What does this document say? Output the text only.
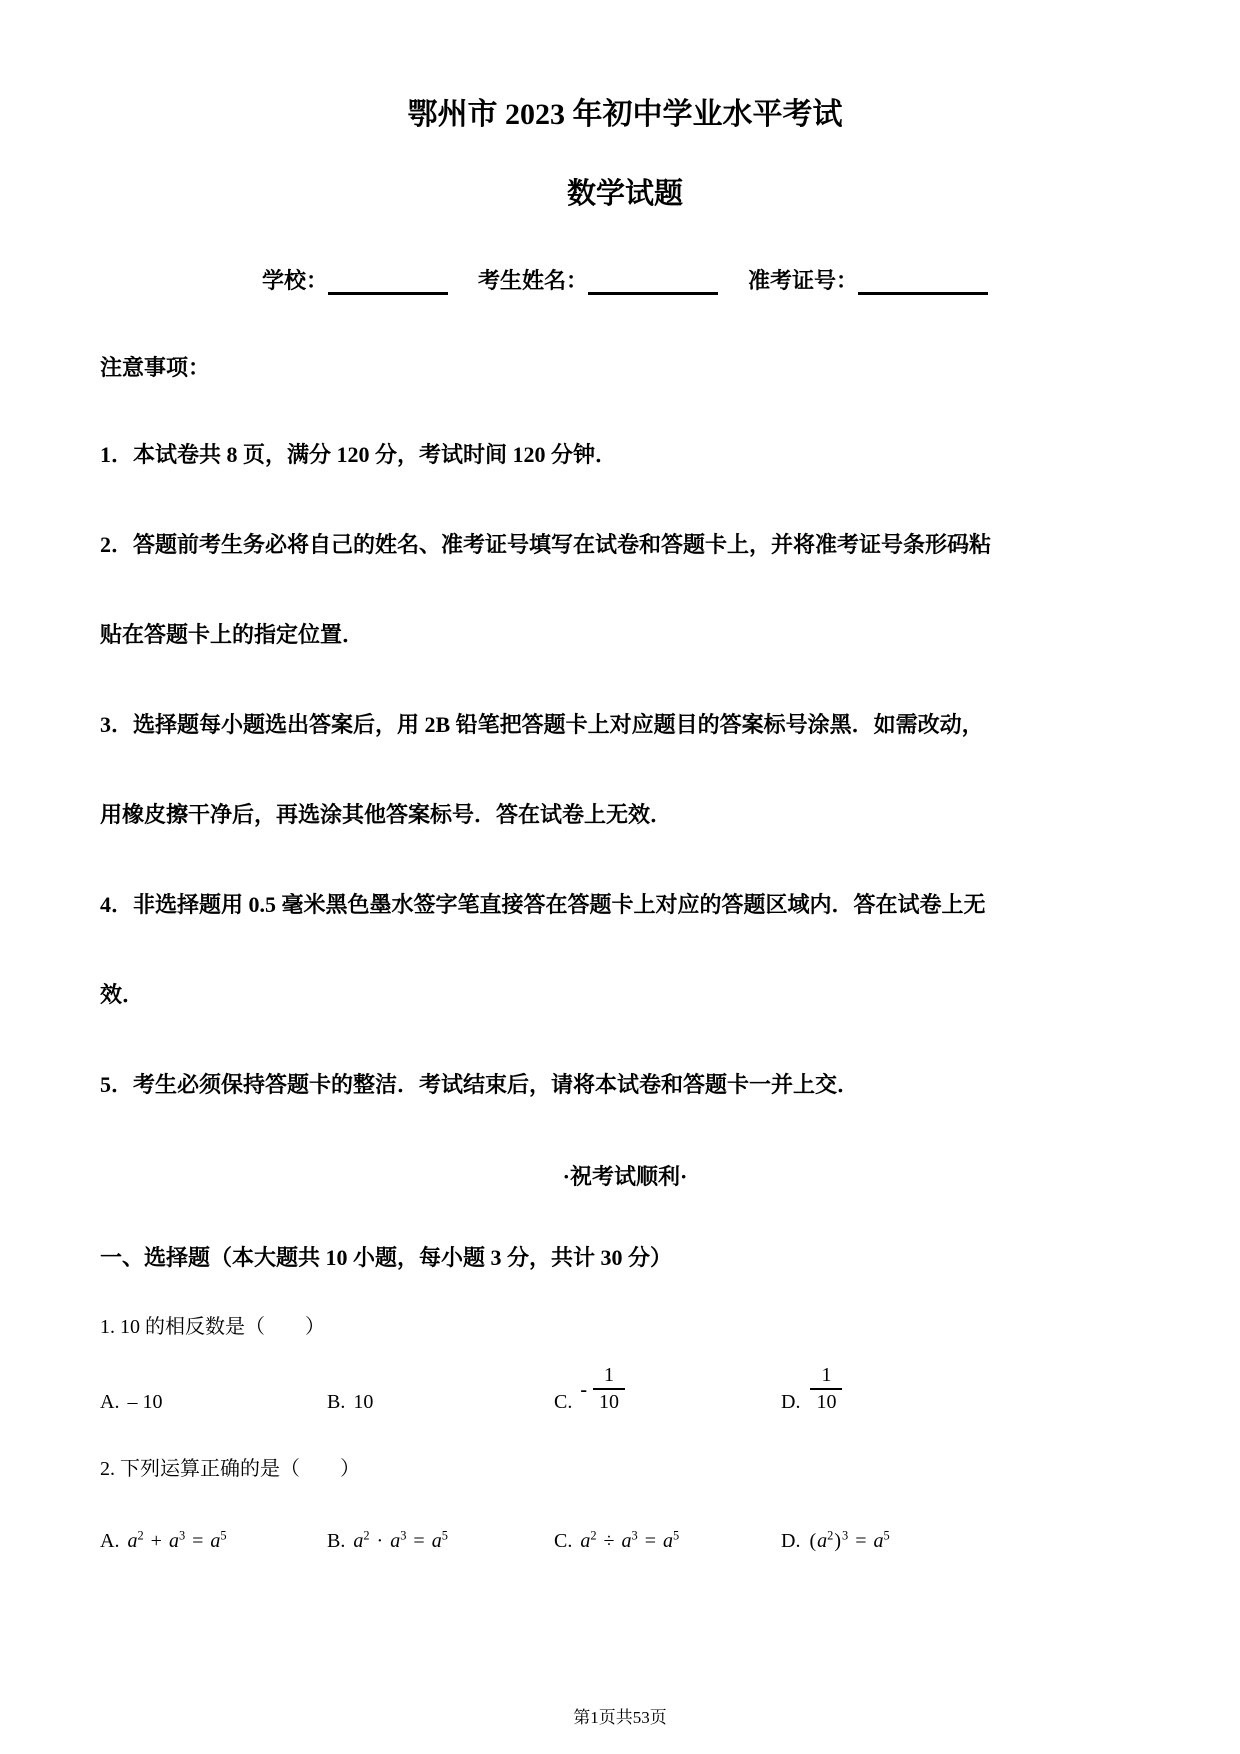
鄂州市 2023 年初中学业水平考试
数学试题
学校：	考生姓名：	准考证号：
注意事项：

1．本试卷共 8 页，满分 120 分，考试时间 120 分钟．

2．答题前考生务必将自己的姓名、准考证号填写在试卷和答题卡上，并将准考证号条形码粘

贴在答题卡上的指定位置．

3．选择题每小题选出答案后，用 2B 铅笔把答题卡上对应题目的答案标号涂黑．如需改动，

用橡皮擦干净后，再选涂其他答案标号．答在试卷上无效．

4．非选择题用 0.5 毫米黑色墨水签字笔直接答在答题卡上对应的答题区域内．答在试卷上无

效．

5．考生必须保持答题卡的整洁．考试结束后，请将本试卷和答题卡一并上交．

·祝考试顺利·
一、选择题（本大题共 10 小题，每小题 3 分，共计 30 分）

1. 10 的相反数是（　　）

A. – 10	B. 10	$C.- \frac{1}{10}$	D. $\frac{1}{10}$

2. 下列运算正确的是（　　）

A. $a^2 + a^3 = a^5$	B. $a^2 \cdot a^3 = a^5$	C. $a^2 \div a^3 = a^5$	D. $(a^2)^3 = a^5$
第1页共53页
